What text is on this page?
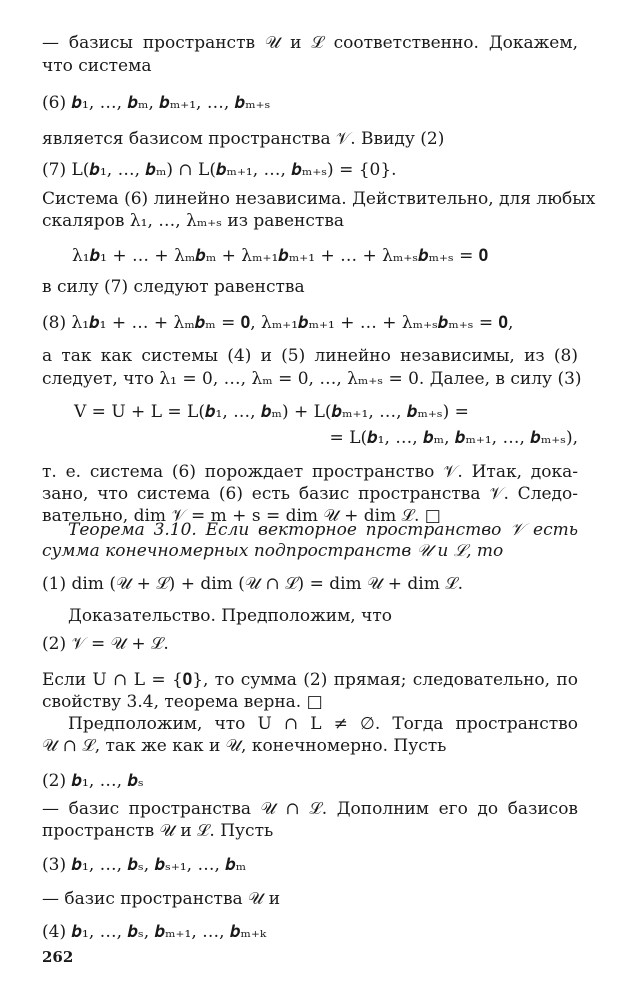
— базисы пространств 𝒰 и ℒ соответственно. Докажем,
что система
(6) 𝒃₁, …, 𝒃ₘ, 𝒃ₘ₊₁, …, 𝒃ₘ₊ₛ
является базисом пространства 𝒱. Ввиду (2)
(7) L(𝒃₁, …, 𝒃ₘ) ∩ L(𝒃ₘ₊₁, …, 𝒃ₘ₊ₛ) = {0}.
Система (6) линейно независима. Действительно, для любых
скаляров λ₁, …, λₘ₊ₛ из равенства
λ₁𝒃₁ + … + λₘ𝒃ₘ + λₘ₊₁𝒃ₘ₊₁ + … + λₘ₊ₛ𝒃ₘ₊ₛ = 𝟎
в силу (7) следуют равенства
(8) λ₁𝒃₁ + … + λₘ𝒃ₘ = 𝟎, λₘ₊₁𝒃ₘ₊₁ + … + λₘ₊ₛ𝒃ₘ₊ₛ = 𝟎,
а так как системы (4) и (5) линейно независимы, из (8)
следует, что λ₁ = 0, …, λₘ = 0, …, λₘ₊ₛ = 0. Далее, в силу (3)
V = U + L = L(𝒃₁, …, 𝒃ₘ) + L(𝒃ₘ₊₁, …, 𝒃ₘ₊ₛ) =
= L(𝒃₁, …, 𝒃ₘ, 𝒃ₘ₊₁, …, 𝒃ₘ₊ₛ),
т. е. система (6) порождает пространство 𝒱. Итак, дока-
зано, что система (6) есть базис пространства 𝒱. Следо-
вательно, dim 𝒱 = m + s = dim 𝒰 + dim ℒ. □
Теорема 3.10. Если векторное пространство 𝒱 есть
сумма конечномерных подпространств 𝒰 и ℒ, то
(1) dim (𝒰 + ℒ) + dim (𝒰 ∩ ℒ) = dim 𝒰 + dim ℒ.
Доказательство. Предположим, что
(2) 𝒱 = 𝒰 + ℒ.
Если U ∩ L = {𝟎}, то сумма (2) прямая; следовательно, по
свойству 3.4, теорема верна. □
Предположим, что U ∩ L ≠ ∅. Тогда пространство
𝒰 ∩ ℒ, так же как и 𝒰, конечномерно. Пусть
(2) 𝒃₁, …, 𝒃ₛ
— базис пространства 𝒰 ∩ ℒ. Дополним его до базисов
пространств 𝒰 и ℒ. Пусть
(3) 𝒃₁, …, 𝒃ₛ, 𝒃ₛ₊₁, …, 𝒃ₘ
— базис пространства 𝒰 и
(4) 𝒃₁, …, 𝒃ₛ, 𝒃ₘ₊₁, …, 𝒃ₘ₊ₖ
262
